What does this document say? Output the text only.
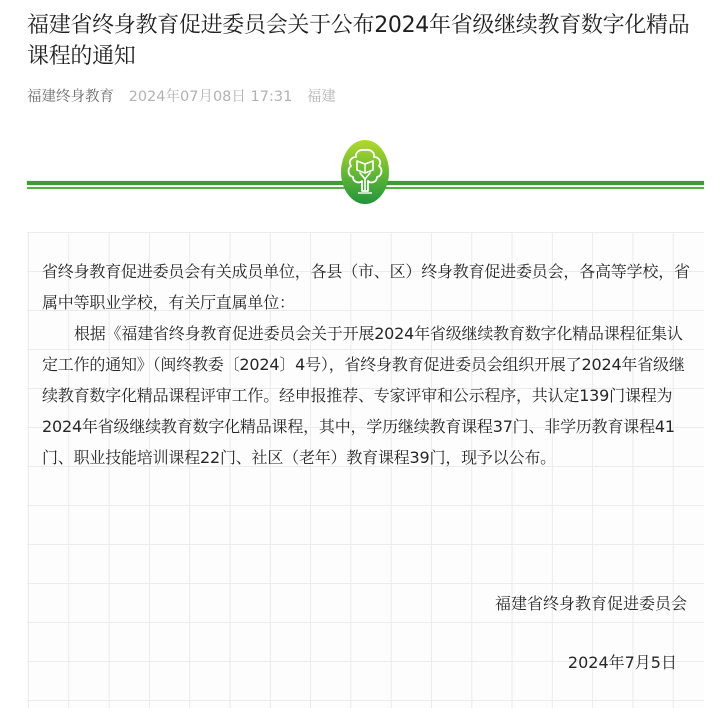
福建省终身教育促进委员会关于公布2024年省级继续教育数字化精品课程的通知
福建终身教育 2024年07月08日 17:31 福建

省终身教育促进委员会有关成员单位，各县（市、区）终身教育促进委员会，各高等学校，省属中等职业学校，有关厅直属单位：

根据《福建省终身教育促进委员会关于开展2024年省级继续教育数字化精品课程征集认定工作的通知》（闽终教委〔2024〕4号），省终身教育促进委员会组织开展了2024年省级继续教育数字化精品课程评审工作。经申报推荐、专家评审和公示程序，共认定139门课程为2024年省级继续教育数字化精品课程，其中，学历继续教育课程37门、非学历教育课程41门、职业技能培训课程22门、社区（老年）教育课程39门，现予以公布。

福建省终身教育促进委员会
2024年7月5日
